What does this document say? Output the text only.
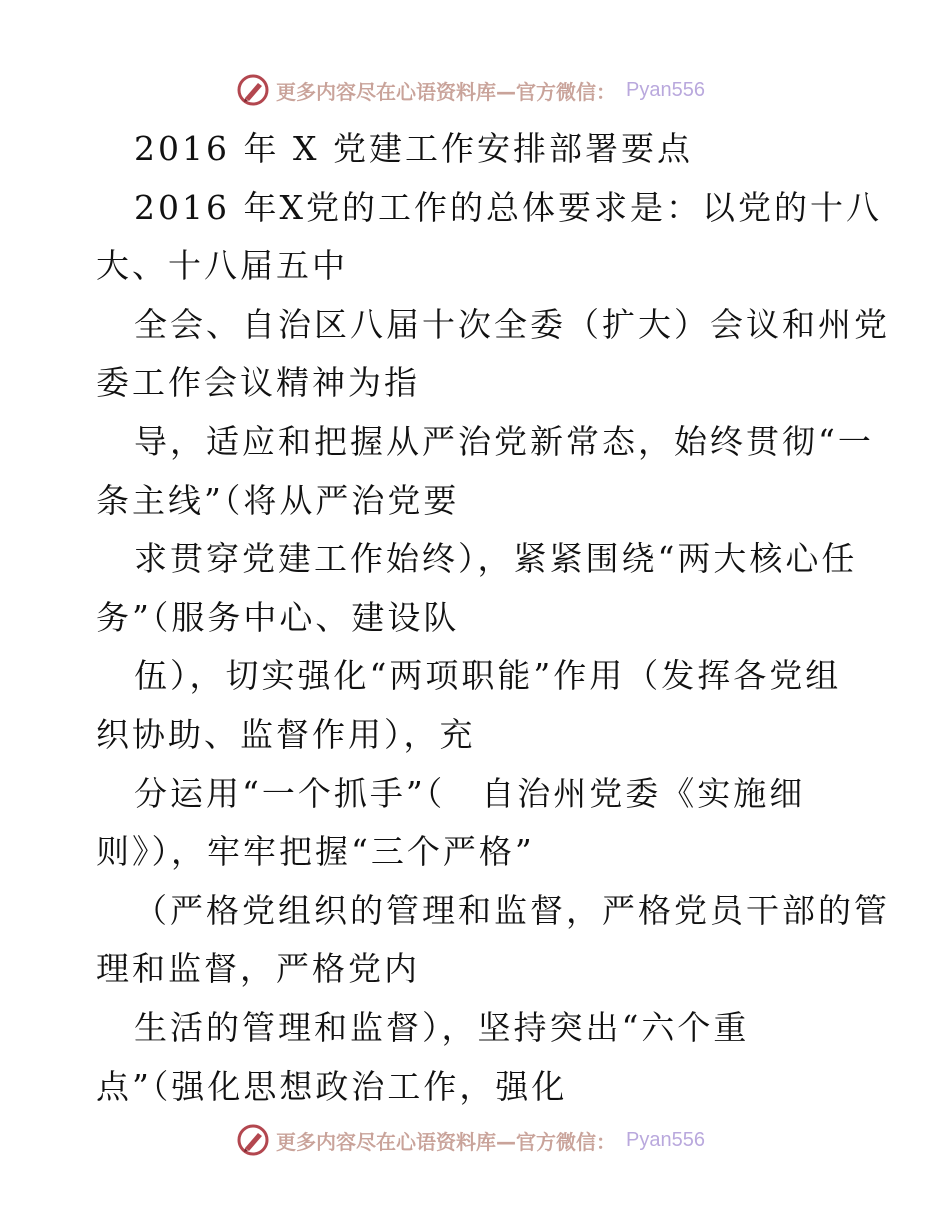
更多内容尽在心语资料库—官方微信： Pyan556
2016 年 X 党建工作安排部署要点
2016 年X党的工作的总体要求是：以党的十八
大、十八届五中
全会、自治区八届十次全委（扩大）会议和州党
委工作会议精神为指
导，适应和把握从严治党新常态，始终贯彻“一
条主线”（将从严治党要
求贯穿党建工作始终），紧紧围绕“两大核心任
务”（服务中心、建设队
伍），切实强化“两项职能”作用（发挥各党组
织协助、监督作用），充
分运用“一个抓手”（　自治州党委《实施细
则》），牢牢把握“三个严格”
（严格党组织的管理和监督，严格党员干部的管
理和监督，严格党内
生活的管理和监督），坚持突出“六个重
点”（强化思想政治工作，强化
更多内容尽在心语资料库—官方微信： Pyan556
